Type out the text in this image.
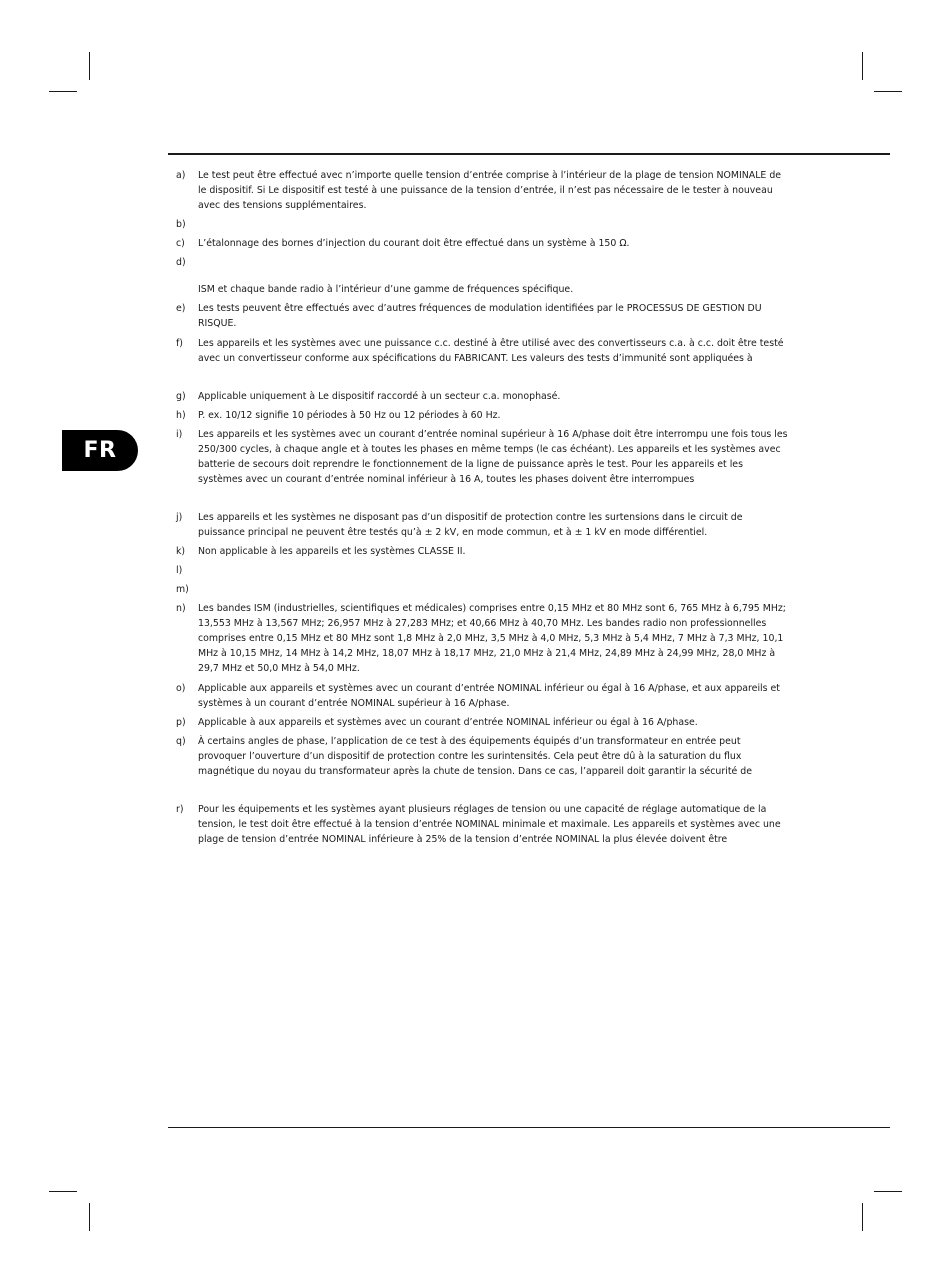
FR
a)	Le test peut être effectué avec n’importe quelle tension d’entrée comprise à l’intérieur de la plage de tension NOMINALE de le dispositif. Si Le dispositif est testé à une puissance de la tension d’entrée, il n’est pas nécessaire de le tester à nouveau avec des tensions supplémentaires.
b)

c)	L’étalonnage des bornes d’injection du courant doit être effectué dans un système à 150 Ω.
d)

ISM et chaque bande radio à l’intérieur d’une gamme de fréquences spécifique.
e)	Les tests peuvent être effectués avec d’autres fréquences de modulation identifiées par le PROCESSUS DE GESTION DU RISQUE.
f)	Les appareils et les systèmes avec une puissance c.c. destiné à être utilisé avec des convertisseurs c.a. à c.c. doit être testé avec un convertisseur conforme aux spécifications du FABRICANT. Les valeurs des tests d’immunité sont appliquées à
g)	Applicable uniquement à Le dispositif raccordé à un secteur c.a. monophasé.
h)	P. ex. 10/12 signifie 10 périodes à 50 Hz ou 12 périodes à 60 Hz.
i)	Les appareils et les systèmes avec un courant d’entrée nominal supérieur à 16 A/phase doit être interrompu une fois tous les 250/300 cycles, à chaque angle et à toutes les phases en même temps (le cas échéant). Les appareils et les systèmes avec batterie de secours doit reprendre le fonctionnement de la ligne de puissance après le test. Pour les appareils et les systèmes avec un courant d’entrée nominal inférieur à 16 A, toutes les phases doivent être interrompues
j)	Les appareils et les systèmes ne disposant pas d’un dispositif de protection contre les surtensions dans le circuit de puissance principal ne peuvent être testés qu’à ± 2 kV, en mode commun, et à ± 1 kV en mode différentiel.
k)	Non applicable à les appareils et les systèmes CLASSE II.
l)

m)

n)	Les bandes ISM (industrielles, scientifiques et médicales) comprises entre 0,15 MHz et 80 MHz sont 6, 765 MHz à 6,795 MHz; 13,553 MHz à 13,567 MHz; 26,957 MHz à 27,283 MHz; et 40,66 MHz à 40,70 MHz. Les bandes radio non professionnelles comprises entre 0,15 MHz et 80 MHz sont 1,8 MHz à 2,0 MHz, 3,5 MHz à 4,0 MHz, 5,3 MHz à 5,4 MHz, 7 MHz à 7,3 MHz, 10,1 MHz à 10,15 MHz, 14 MHz à 14,2 MHz, 18,07 MHz à 18,17 MHz, 21,0 MHz à 21,4 MHz, 24,89 MHz à 24,99 MHz, 28,0 MHz à 29,7 MHz et 50,0 MHz à 54,0 MHz.
o)	Applicable aux appareils et systèmes avec un courant d’entrée NOMINAL inférieur ou égal à 16 A/phase, et aux appareils et systèmes à un courant d’entrée NOMINAL supérieur à 16 A/phase.
p)	Applicable à aux appareils et systèmes avec un courant d’entrée NOMINAL inférieur ou égal à 16 A/phase.
q)	À certains angles de phase, l’application de ce test à des équipements équipés d’un transformateur en entrée peut provoquer l’ouverture d’un dispositif de protection contre les surintensités. Cela peut être dû à la saturation du flux magnétique du noyau du transformateur après la chute de tension. Dans ce cas, l’appareil doit garantir la sécurité de
r)	Pour les équipements et les systèmes ayant plusieurs réglages de tension ou une capacité de réglage automatique de la tension, le test doit être effectué à la tension d’entrée NOMINAL minimale et maximale. Les appareils et systèmes avec une plage de tension d’entrée NOMINAL inférieure à 25% de la tension d’entrée NOMINAL la plus élevée doivent être
